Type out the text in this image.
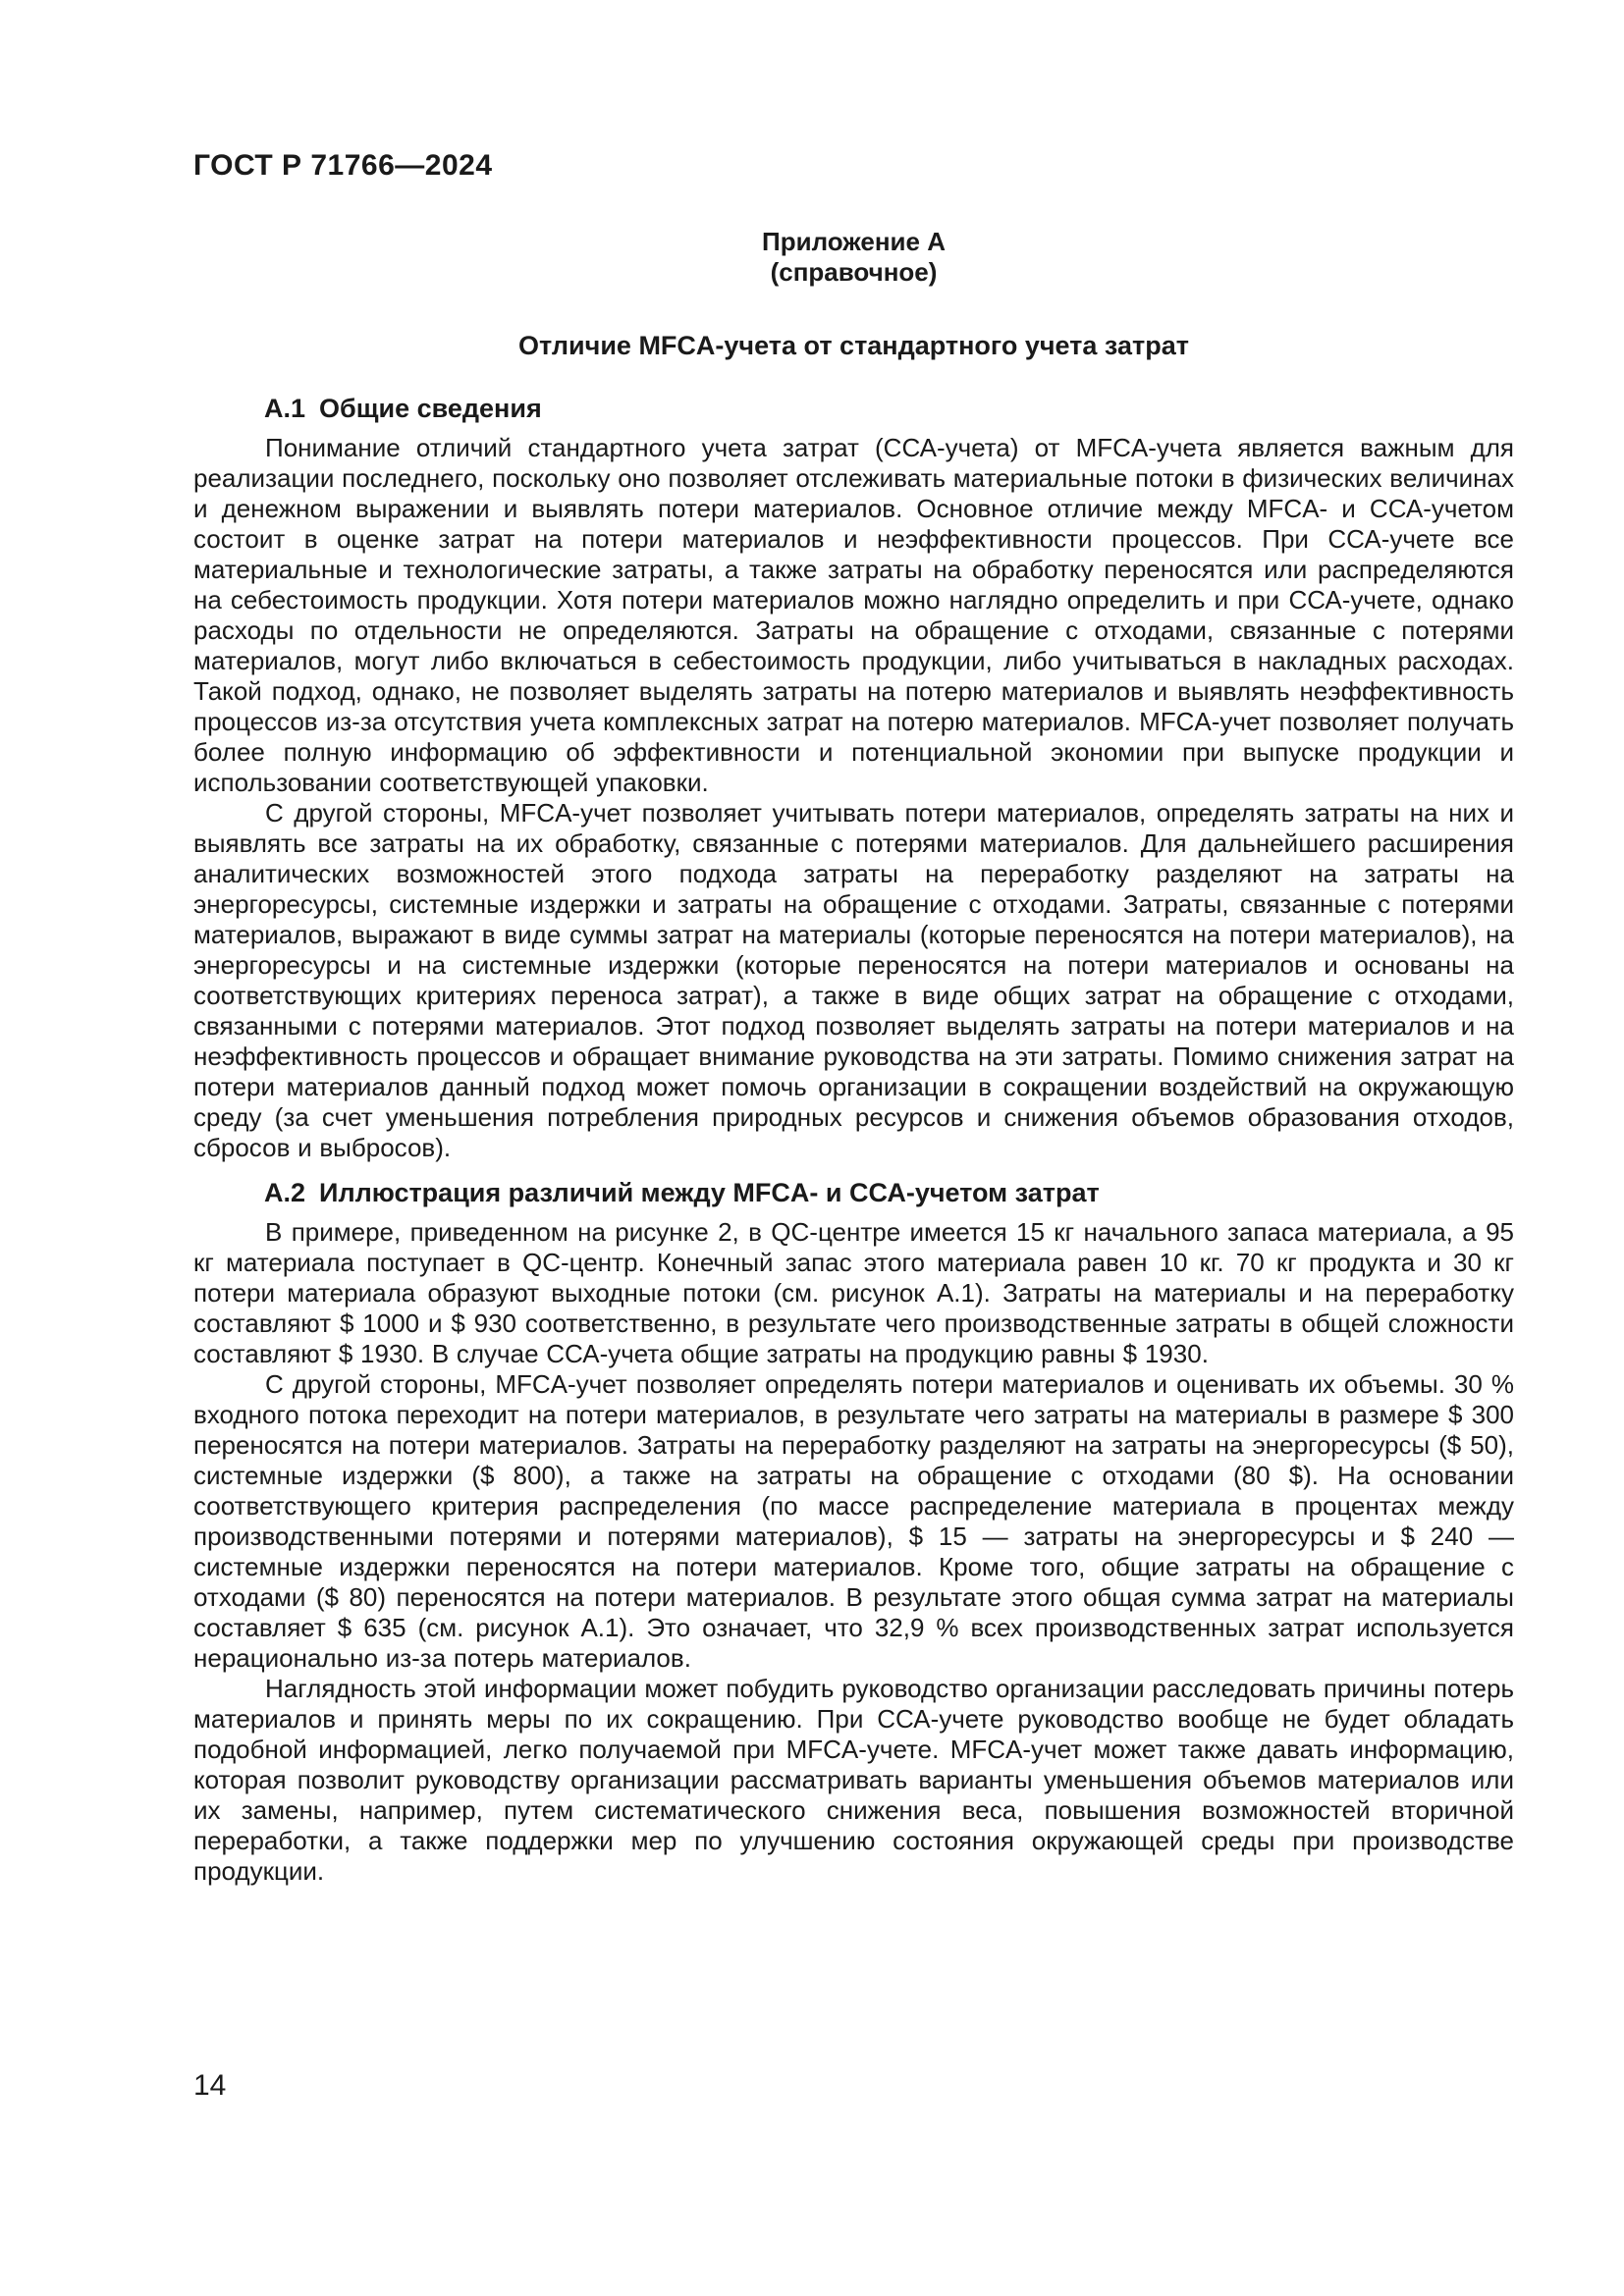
ГОСТ Р 71766—2024
Приложение А
(справочное)
Отличие MFCA-учета от стандартного учета затрат
А.1 Общие сведения

Понимание отличий стандартного учета затрат (ССА-учета) от MFCA-учета является важным для реализации последнего, поскольку оно позволяет отслеживать материальные потоки в физических величинах и денежном выражении и выявлять потери материалов. Основное отличие между MFCA- и ССА-учетом состоит в оценке затрат на потери материалов и неэффективности процессов. При ССА-учете все материальные и технологические затраты, а также затраты на обработку переносятся или распределяются на себестоимость продукции. Хотя потери материалов можно наглядно определить и при ССА-учете, однако расходы по отдельности не определяются. Затраты на обращение с отходами, связанные с потерями материалов, могут либо включаться в себестоимость продукции, либо учитываться в накладных расходах. Такой подход, однако, не позволяет выделять затраты на потерю материалов и выявлять неэффективность процессов из-за отсутствия учета комплексных затрат на потерю материалов. MFCA-учет позволяет получать более полную информацию об эффективности и потенциальной экономии при выпуске продукции и использовании соответствующей упаковки.

С другой стороны, MFCA-учет позволяет учитывать потери материалов, определять затраты на них и выявлять все затраты на их обработку, связанные с потерями материалов. Для дальнейшего расширения аналитических возможностей этого подхода затраты на переработку разделяют на затраты на энергоресурсы, системные издержки и затраты на обращение с отходами. Затраты, связанные с потерями материалов, выражают в виде суммы затрат на материалы (которые переносятся на потери материалов), на энергоресурсы и на системные издержки (которые переносятся на потери материалов и основаны на соответствующих критериях переноса затрат), а также в виде общих затрат на обращение с отходами, связанными с потерями материалов. Этот подход позволяет выделять затраты на потери материалов и на неэффективность процессов и обращает внимание руководства на эти затраты. Помимо снижения затрат на потери материалов данный подход может помочь организации в сокращении воздействий на окружающую среду (за счет уменьшения потребления природных ресурсов и снижения объемов образования отходов, сбросов и выбросов).

А.2 Иллюстрация различий между MFCA- и ССА-учетом затрат

В примере, приведенном на рисунке 2, в QC-центре имеется 15 кг начального запаса материала, а 95 кг материала поступает в QC-центр. Конечный запас этого материала равен 10 кг. 70 кг продукта и 30 кг потери материала образуют выходные потоки (см. рисунок А.1). Затраты на материалы и на переработку составляют $ 1000 и $ 930 соответственно, в результате чего производственные затраты в общей сложности составляют $ 1930. В случае ССА-учета общие затраты на продукцию равны $ 1930.

С другой стороны, MFCA-учет позволяет определять потери материалов и оценивать их объемы. 30 % входного потока переходит на потери материалов, в результате чего затраты на материалы в размере $ 300 переносятся на потери материалов. Затраты на переработку разделяют на затраты на энергоресурсы ($ 50), системные издержки ($ 800), а также на затраты на обращение с отходами (80 $). На основании соответствующего критерия распределения (по массе распределение материала в процентах между производственными потерями и потерями материалов), $ 15 — затраты на энергоресурсы и $ 240 — системные издержки переносятся на потери материалов. Кроме того, общие затраты на обращение с отходами ($ 80) переносятся на потери материалов. В результате этого общая сумма затрат на материалы составляет $ 635 (см. рисунок А.1). Это означает, что 32,9 % всех производственных затрат используется нерационально из-за потерь материалов.

Наглядность этой информации может побудить руководство организации расследовать причины потерь материалов и принять меры по их сокращению. При ССА-учете руководство вообще не будет обладать подобной информацией, легко получаемой при MFCA-учете. MFCA-учет может также давать информацию, которая позволит руководству организации рассматривать варианты уменьшения объемов материалов или их замены, например, путем систематического снижения веса, повышения возможностей вторичной переработки, а также поддержки мер по улучшению состояния окружающей среды при производстве продукции.

14
